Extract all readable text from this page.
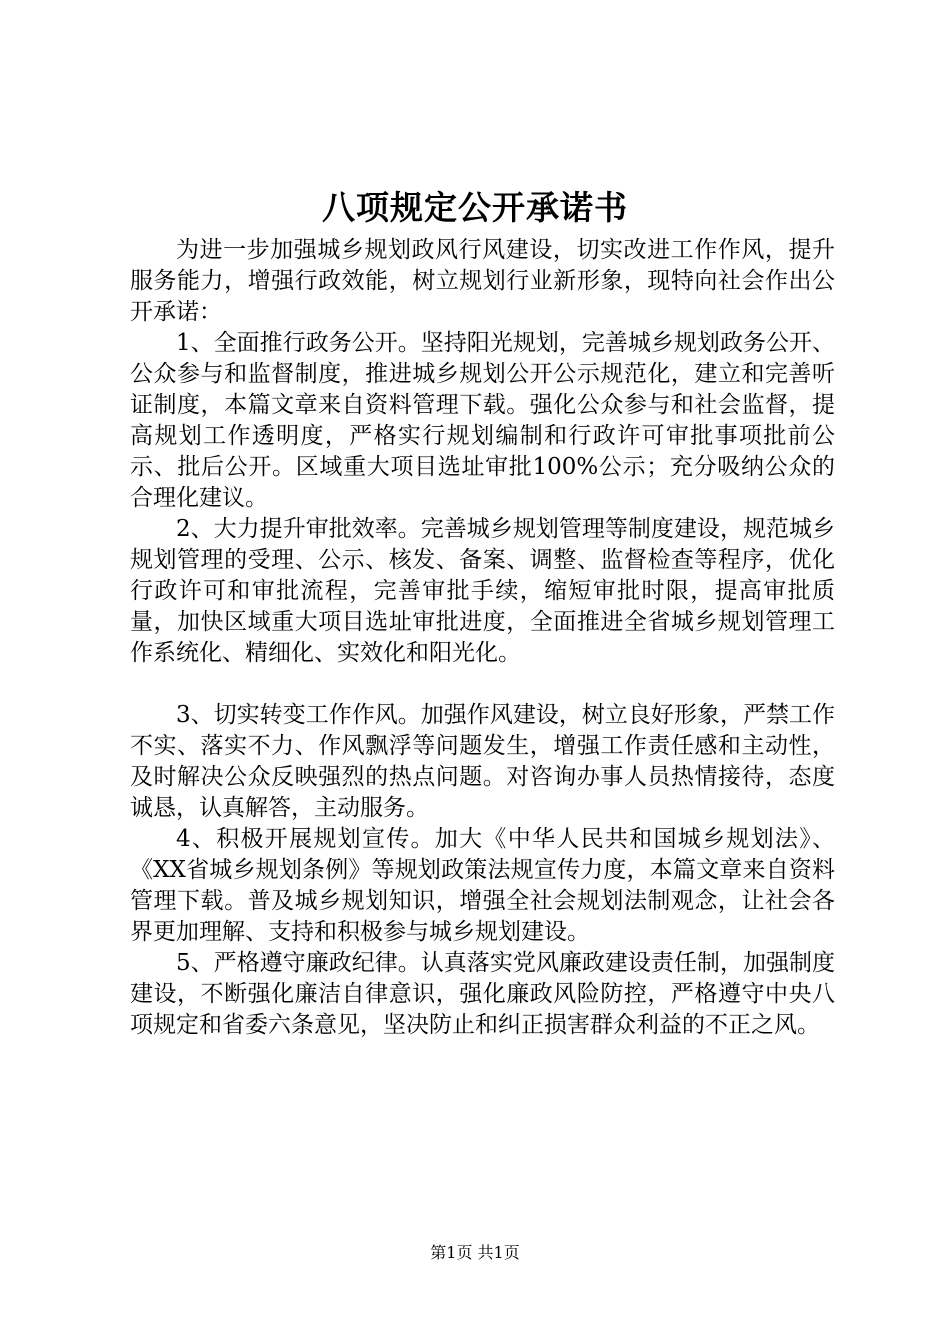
八项规定公开承诺书

为进一步加强城乡规划政风行风建设，切实改进工作作风，提升服务能力，增强行政效能，树立规划行业新形象，现特向社会作出公开承诺：

1、全面推行政务公开。坚持阳光规划，完善城乡规划政务公开、公众参与和监督制度，推进城乡规划公开公示规范化，建立和完善听证制度，本篇文章来自资料管理下载。强化公众参与和社会监督，提高规划工作透明度，严格实行规划编制和行政许可审批事项批前公示、批后公开。区域重大项目选址审批100%公示；充分吸纳公众的合理化建议。

2、大力提升审批效率。完善城乡规划管理等制度建设，规范城乡规划管理的受理、公示、核发、备案、调整、监督检查等程序，优化行政许可和审批流程，完善审批手续，缩短审批时限，提高审批质量，加快区域重大项目选址审批进度，全面推进全省城乡规划管理工作系统化、精细化、实效化和阳光化。

3、切实转变工作作风。加强作风建设，树立良好形象，严禁工作不实、落实不力、作风飘浮等问题发生，增强工作责任感和主动性，及时解决公众反映强烈的热点问题。对咨询办事人员热情接待，态度诚恳，认真解答，主动服务。

4、积极开展规划宣传。加大《中华人民共和国城乡规划法》、《XX省城乡规划条例》等规划政策法规宣传力度，本篇文章来自资料管理下载。普及城乡规划知识，增强全社会规划法制观念，让社会各界更加理解、支持和积极参与城乡规划建设。

5、严格遵守廉政纪律。认真落实党风廉政建设责任制，加强制度建设，不断强化廉洁自律意识，强化廉政风险防控，严格遵守中央八项规定和省委六条意见，坚决防止和纠正损害群众利益的不正之风。

第1页 共1页
